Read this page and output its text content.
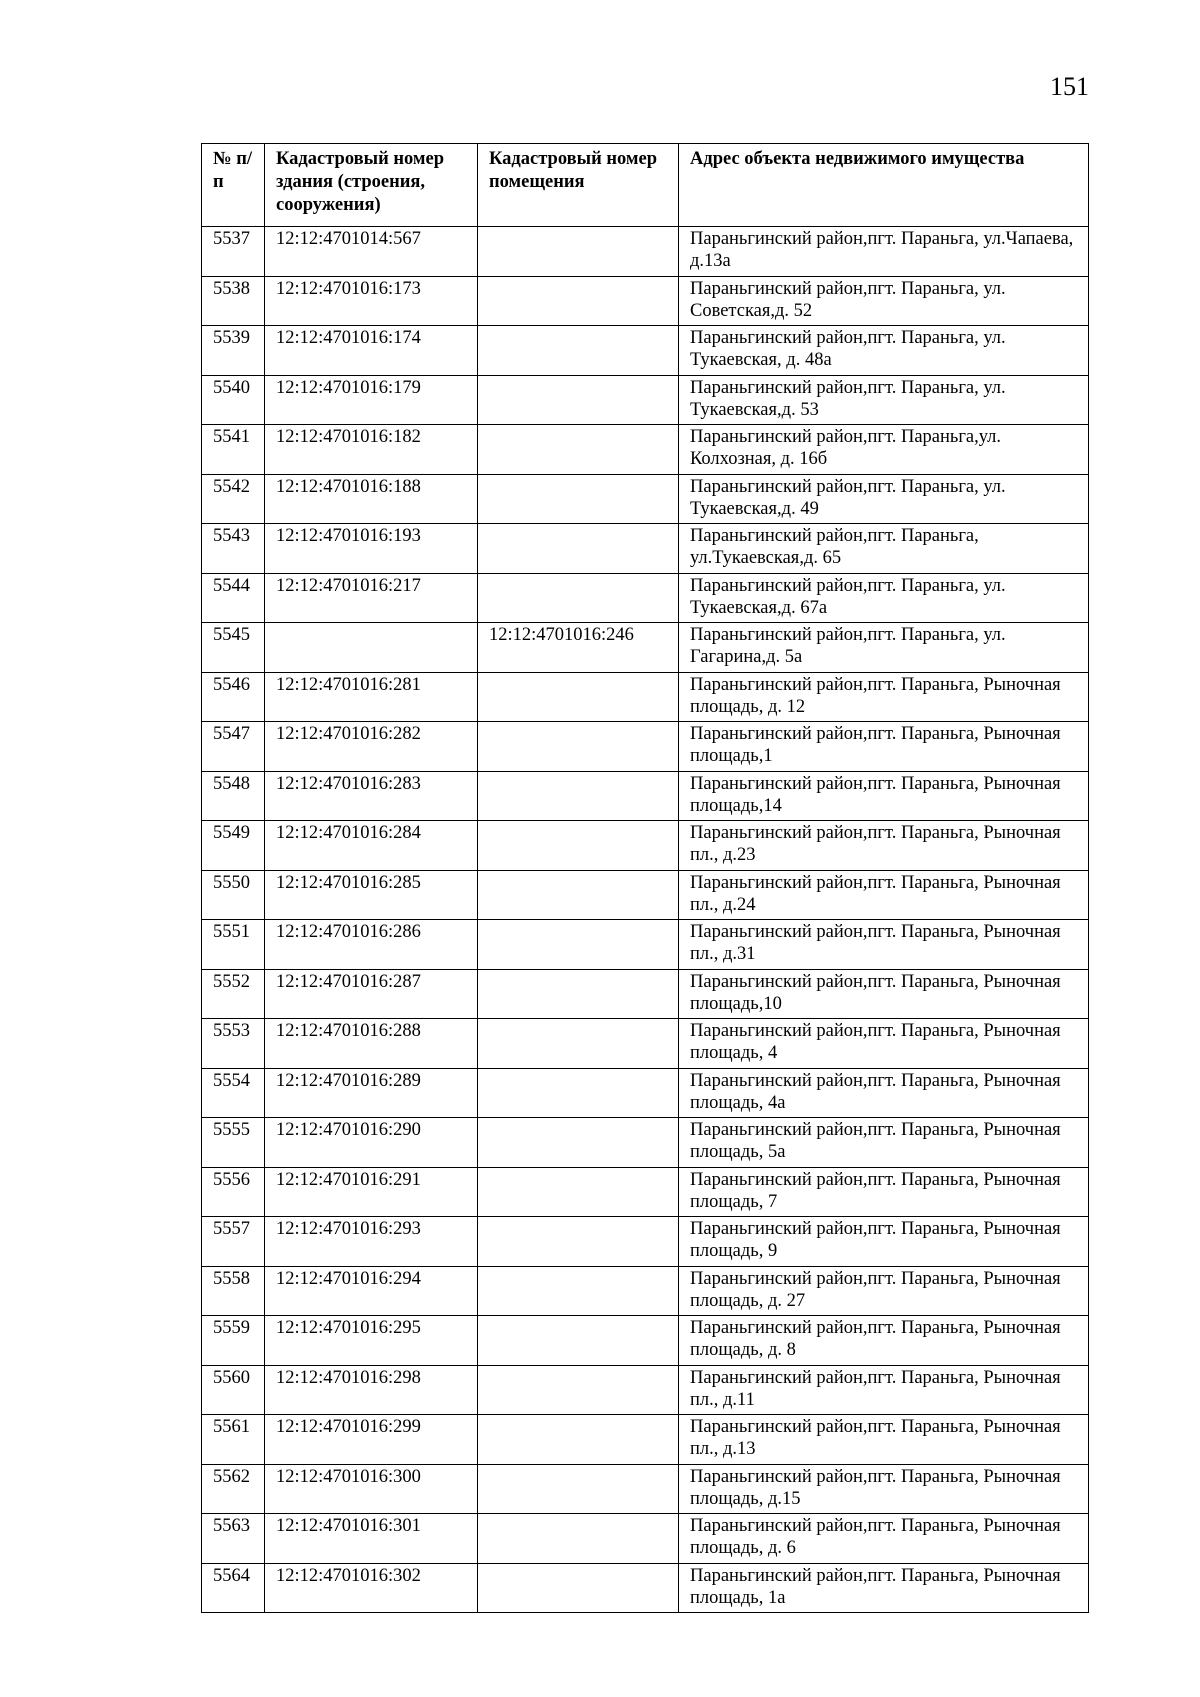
151
№ п/п	Кадастровый номер здания (строения, сооружения)	Кадастровый номер помещения	Адрес объекта недвижимого имущества
5537	12:12:4701014:567		Параньгинский район,пгт. Параньга, ул.Чапаева, д.13а
5538	12:12:4701016:173		Параньгинский район,пгт. Параньга, ул. Советская,д. 52
5539	12:12:4701016:174		Параньгинский район,пгт. Параньга, ул. Тукаевская, д. 48а
5540	12:12:4701016:179		Параньгинский район,пгт. Параньга, ул. Тукаевская,д. 53
5541	12:12:4701016:182		Параньгинский район,пгт. Параньга,ул. Колхозная, д. 16б
5542	12:12:4701016:188		Параньгинский район,пгт. Параньга, ул. Тукаевская,д. 49
5543	12:12:4701016:193		Параньгинский район,пгт. Параньга, ул.Тукаевская,д. 65
5544	12:12:4701016:217		Параньгинский район,пгт. Параньга, ул. Тукаевская,д. 67а
5545		12:12:4701016:246	Параньгинский район,пгт. Параньга, ул. Гагарина,д. 5а
5546	12:12:4701016:281		Параньгинский район,пгт. Параньга, Рыночная площадь, д. 12
5547	12:12:4701016:282		Параньгинский район,пгт. Параньга, Рыночная площадь,1
5548	12:12:4701016:283		Параньгинский район,пгт. Параньга, Рыночная площадь,14
5549	12:12:4701016:284		Параньгинский район,пгт. Параньга, Рыночная пл., д.23
5550	12:12:4701016:285		Параньгинский район,пгт. Параньга, Рыночная пл., д.24
5551	12:12:4701016:286		Параньгинский район,пгт. Параньга, Рыночная пл., д.31
5552	12:12:4701016:287		Параньгинский район,пгт. Параньга, Рыночная площадь,10
5553	12:12:4701016:288		Параньгинский район,пгт. Параньга, Рыночная площадь, 4
5554	12:12:4701016:289		Параньгинский район,пгт. Параньга, Рыночная площадь, 4а
5555	12:12:4701016:290		Параньгинский район,пгт. Параньга, Рыночная площадь, 5а
5556	12:12:4701016:291		Параньгинский район,пгт. Параньга, Рыночная площадь, 7
5557	12:12:4701016:293		Параньгинский район,пгт. Параньга, Рыночная площадь, 9
5558	12:12:4701016:294		Параньгинский район,пгт. Параньга, Рыночная площадь, д. 27
5559	12:12:4701016:295		Параньгинский район,пгт. Параньга, Рыночная площадь, д. 8
5560	12:12:4701016:298		Параньгинский район,пгт. Параньга, Рыночная пл., д.11
5561	12:12:4701016:299		Параньгинский район,пгт. Параньга, Рыночная пл., д.13
5562	12:12:4701016:300		Параньгинский район,пгт. Параньга, Рыночная площадь, д.15
5563	12:12:4701016:301		Параньгинский район,пгт. Параньга, Рыночная площадь, д. 6
5564	12:12:4701016:302		Параньгинский район,пгт. Параньга, Рыночная площадь, 1а
